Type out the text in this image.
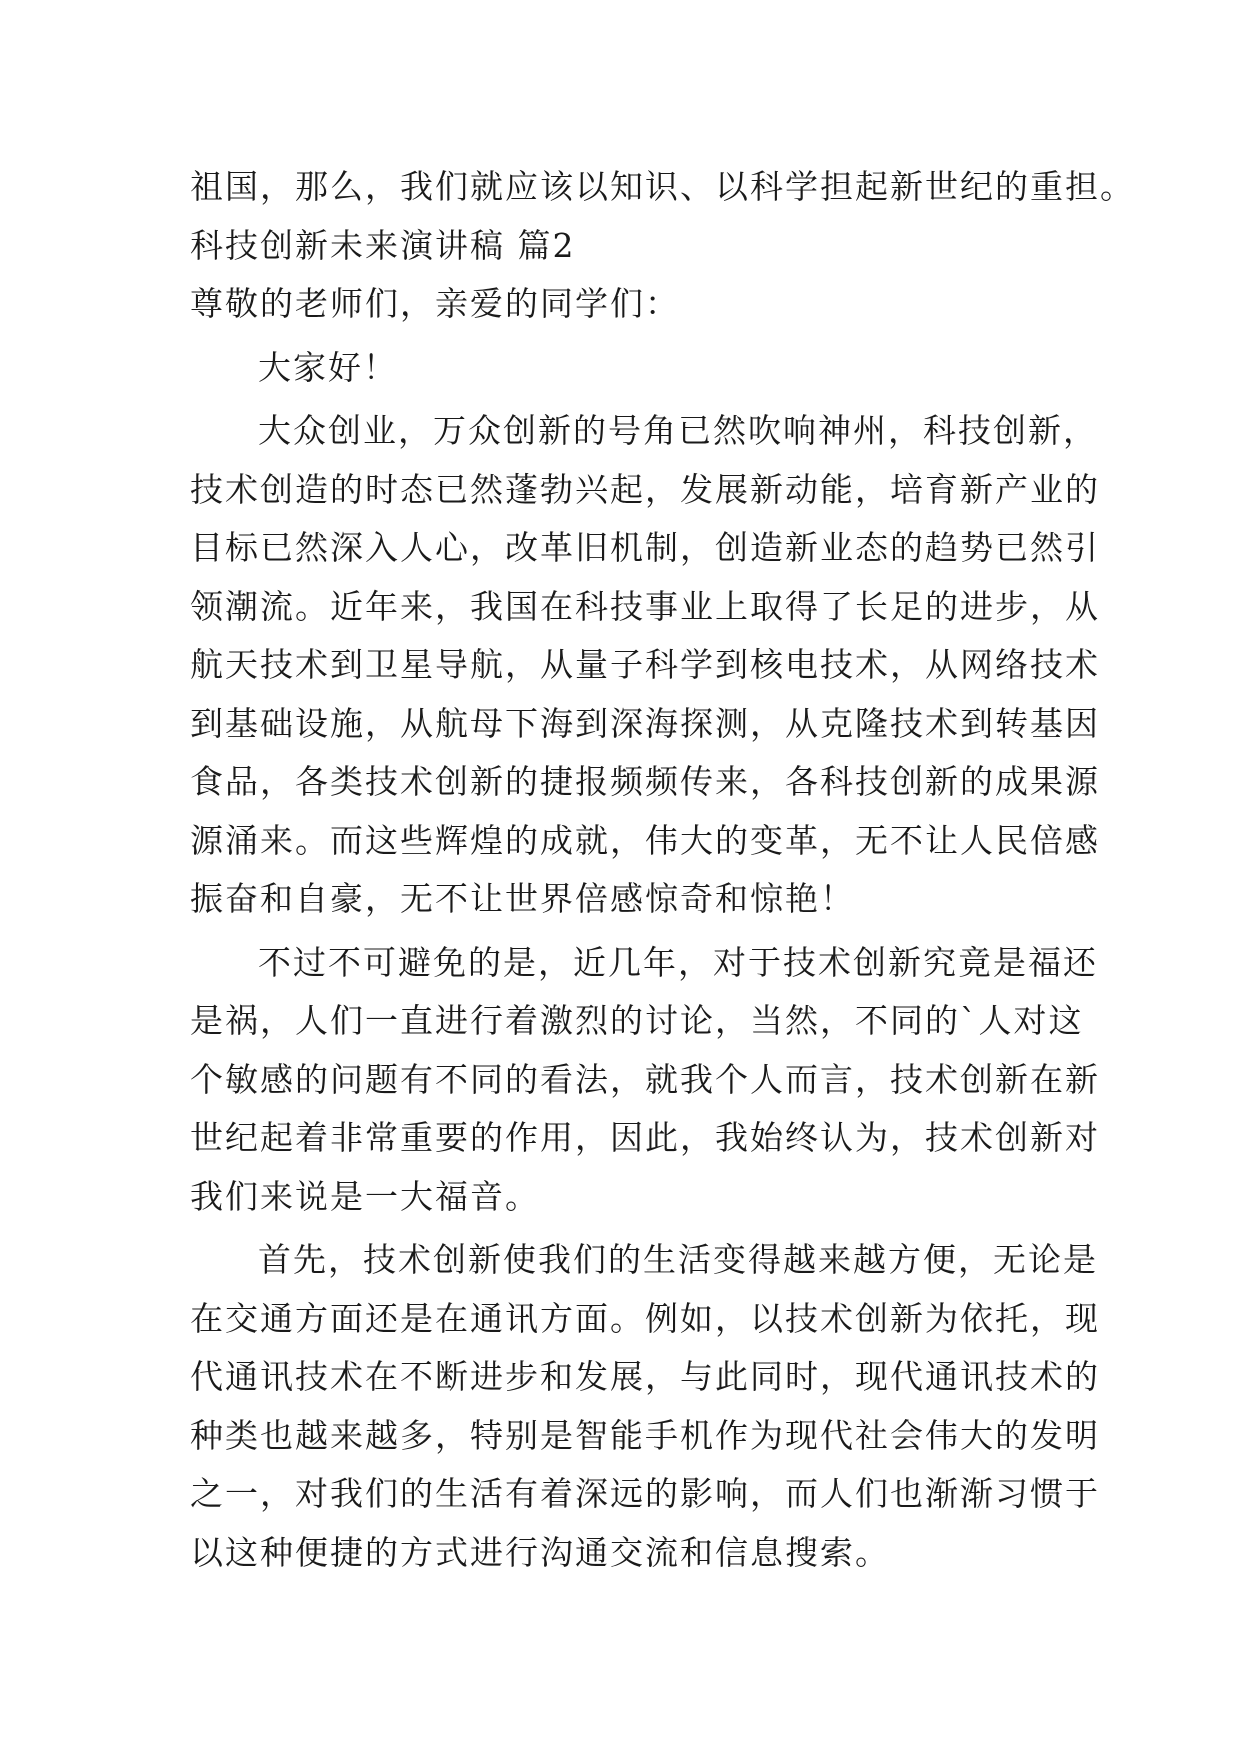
祖国，那么，我们就应该以知识、以科学担起新世纪的重担。
科技创新未来演讲稿 篇2
尊敬的老师们，亲爱的同学们：
大家好！
大众创业，万众创新的号角已然吹响神州，科技创新，
技术创造的时态已然蓬勃兴起，发展新动能，培育新产业的
目标已然深入人心，改革旧机制，创造新业态的趋势已然引
领潮流。近年来，我国在科技事业上取得了长足的进步，从
航天技术到卫星导航，从量子科学到核电技术，从网络技术
到基础设施，从航母下海到深海探测，从克隆技术到转基因
食品，各类技术创新的捷报频频传来，各科技创新的成果源
源涌来。而这些辉煌的成就，伟大的变革，无不让人民倍感
振奋和自豪，无不让世界倍感惊奇和惊艳！
不过不可避免的是，近几年，对于技术创新究竟是福还
是祸，人们一直进行着激烈的讨论，当然，不同的`人对这
个敏感的问题有不同的看法，就我个人而言，技术创新在新
世纪起着非常重要的作用，因此，我始终认为，技术创新对
我们来说是一大福音。
首先，技术创新使我们的生活变得越来越方便，无论是
在交通方面还是在通讯方面。例如，以技术创新为依托，现
代通讯技术在不断进步和发展，与此同时，现代通讯技术的
种类也越来越多，特别是智能手机作为现代社会伟大的发明
之一，对我们的生活有着深远的影响，而人们也渐渐习惯于
以这种便捷的方式进行沟通交流和信息搜索。
